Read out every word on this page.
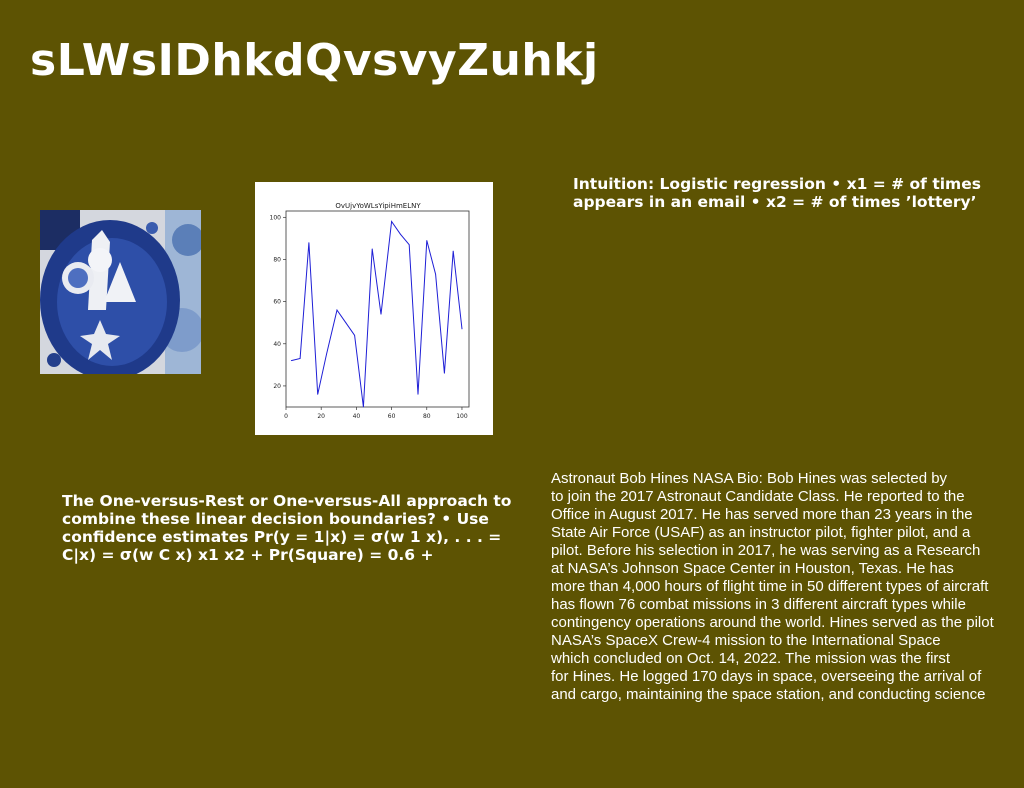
sLWsIDhkdQvsvyZuhkj
OvUjvYoWLsYipiHmELNY
20
40
60
80
100
0	20	40	60	80	100
Intuition: Logistic regression • x1 = # of times appears in an email • x2 = # of times ’lottery’
The One-versus-Rest or One-versus-All approach to combine these linear decision boundaries? • Use confidence estimates Pr(y = 1|x) = σ(w⁡ 1 x), . . . = C|x) = σ(w⁡ C x) x1 x2 + Pr(Square) = 0.6 +
Astronaut Bob Hines NASA Bio: Bob Hines was selected by
to join the 2017 Astronaut Candidate Class. He reported to the
Office in August 2017. He has served more than 23 years in the
State Air Force (USAF) as an instructor pilot, fighter pilot, and a
pilot. Before his selection in 2017, he was serving as a Research
at NASA’s Johnson Space Center in Houston, Texas. He has
more than 4,000 hours of flight time in 50 different types of aircraft
has flown 76 combat missions in 3 different aircraft types while
contingency operations around the world. Hines served as the pilot
NASA’s SpaceX Crew-4 mission to the International Space
which concluded on Oct. 14, 2022. The mission was the first
for Hines. He logged 170 days in space, overseeing the arrival of
and cargo, maintaining the space station, and conducting science
